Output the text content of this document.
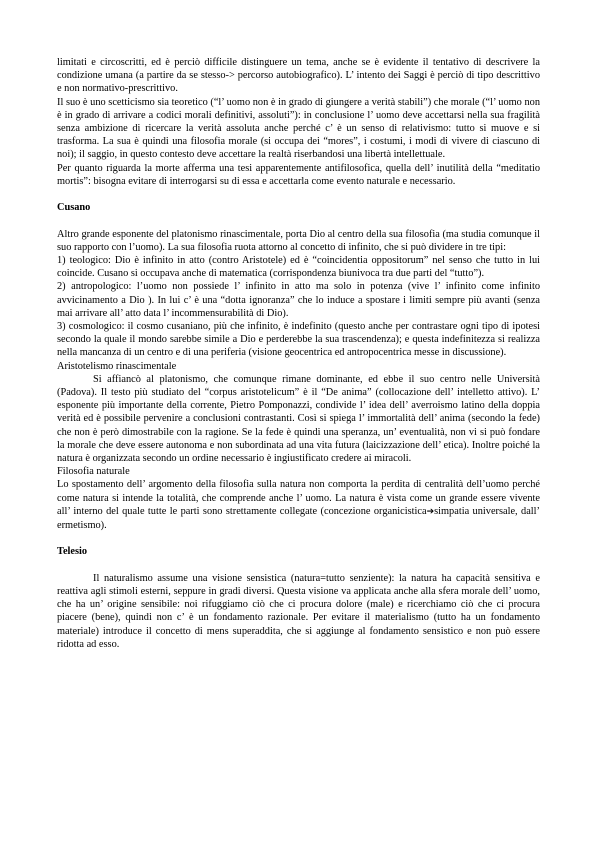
limitati e circoscritti, ed è perciò difficile distinguere un tema, anche se è evidente il tentativo di descrivere la condizione umana (a partire da se stesso-> percorso autobiografico). L’ intento dei Saggi è perciò di tipo descrittivo e non normativo-prescrittivo.

Il suo è uno scetticismo sia teoretico (“l’ uomo non è in grado di giungere a verità stabili”) che morale (“l’ uomo non è in grado di arrivare a codici morali definitivi, assoluti”): in conclusione l’ uomo deve accettarsi nella sua fragilità senza ambizione di ricercare la verità assoluta anche perché c’ è un senso di relativismo: tutto si muove e si trasforma. La sua è quindi una filosofia morale (si occupa dei “mores”, i costumi, i modi di vivere di ciascuno di noi); il saggio, in questo contesto deve accettare la realtà riserbandosi una libertà intellettuale.

Per quanto riguarda la morte afferma una tesi apparentemente antifilosofica, quella dell’ inutilità della “meditatio mortis”: bisogna evitare di interrogarsi su di essa e accettarla come evento naturale e necessario.

Cusano

Altro grande esponente del platonismo rinascimentale, porta Dio al centro della sua filosofia (ma studia comunque il suo rapporto con l’uomo). La sua filosofia ruota attorno al concetto di infinito, che si può dividere in tre tipi:

1) teologico: Dio è infinito in atto (contro Aristotele) ed è “coincidentia oppositorum” nel senso che tutto in lui coincide. Cusano si occupava anche di matematica (corrispondenza biunivoca tra due parti del “tutto”).

2) antropologico: l’uomo non possiede l’ infinito in atto ma solo in potenza (vive l’ infinito come infinito avvicinamento a Dio ). In lui c’ è una “dotta ignoranza” che lo induce a spostare i limiti sempre più avanti (senza mai arrivare all’ atto data l’ incommensurabilità di Dio).

3) cosmologico: il cosmo cusaniano, più che infinito, è indefinito (questo anche per contrastare ogni tipo di ipotesi secondo la quale il mondo sarebbe simile a Dio e perderebbe la sua trascendenza); e questa indefinitezza si realizza nella mancanza di un centro e di una periferia (visione geocentrica ed antropocentrica messe in discussione).

Aristotelismo rinascimentale

Si affiancò al platonismo, che comunque rimane dominante, ed ebbe il suo centro nelle Università (Padova). Il testo più studiato del “corpus aristotelicum” è il “De anima” (collocazione dell’ intelletto attivo). L’ esponente più importante della corrente, Pietro Pomponazzi, condivide l’ idea dell’ averroismo latino della doppia verità ed è possibile pervenire a conclusioni contrastanti. Così si spiega l’ immortalità dell’ anima (secondo la fede) che non è però dimostrabile con la ragione. Se la fede è quindi una speranza, un’ eventualità, non vi si può fondare la morale che deve essere autonoma e non subordinata ad una vita futura (laicizzazione dell’ etica). Inoltre poiché la natura è organizzata secondo un ordine necessario è ingiustificato credere ai miracoli.

Filosofia naturale

Lo spostamento dell’ argomento della filosofia sulla natura non comporta la perdita di centralità dell’uomo perché come natura si intende la totalità, che comprende anche l’ uomo. La natura è vista come un grande essere vivente all’ interno del quale tutte le parti sono strettamente collegate (concezione organicistica➔simpatia universale, dall’ ermetismo).

Telesio

Il naturalismo assume una visione sensistica (natura=tutto senziente): la natura ha capacità sensitiva e reattiva agli stimoli esterni, seppure in gradi diversi. Questa visione va applicata anche alla sfera morale dell’ uomo, che ha un’ origine sensibile: noi rifuggiamo ciò che ci procura dolore (male) e ricerchiamo ciò che ci procura piacere (bene), quindi non c’ è un fondamento razionale. Per evitare il materialismo (tutto ha un fondamento materiale) introduce il concetto di mens superaddita, che si aggiunge al fondamento sensistico e non può essere ridotta ad esso.
